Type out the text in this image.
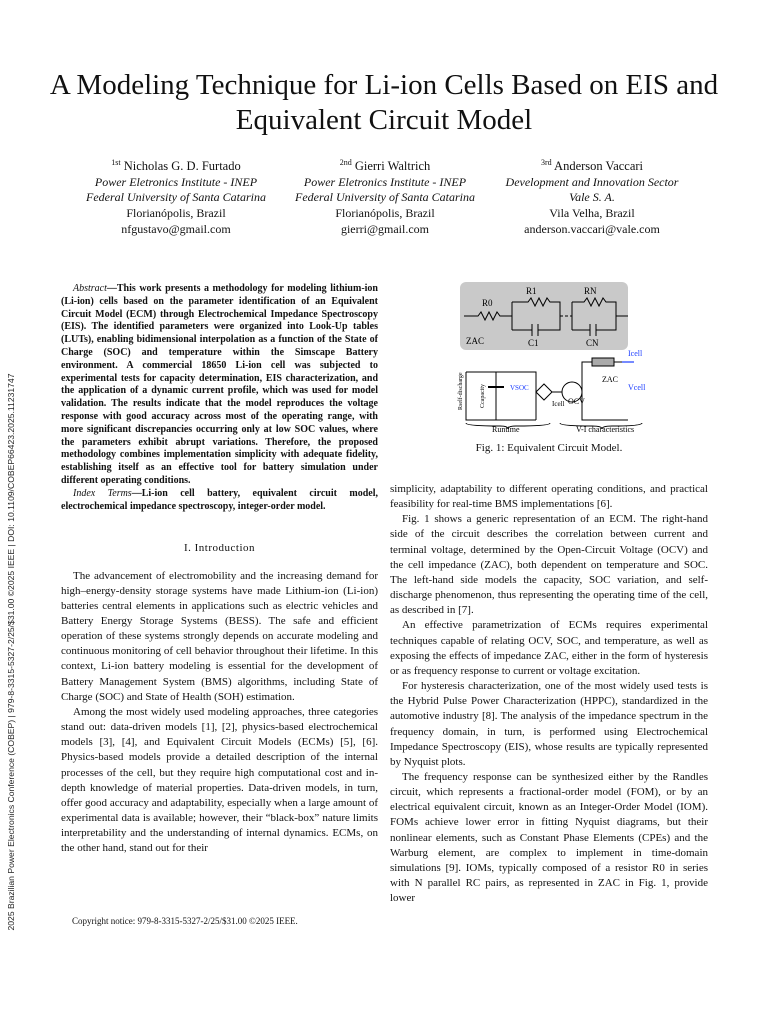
2025 Brazilian Power Electronics Conference (COBEP) | 979-8-3315-5327-2/25/$31.00 ©2025 IEEE | DOI: 10.1109/COBEP66423.2025.11231747
A Modeling Technique for Li-ion Cells Based on EIS and Equivalent Circuit Model
$^{1st}$ Nicholas G. D. Furtado
Power Eletronics Institute - INEP
Federal University of Santa Catarina
Florianópolis, Brazil
nfgustavo@gmail.com
$^{2nd}$ Gierri Waltrich
Power Eletronics Institute - INEP
Federal University of Santa Catarina
Florianópolis, Brazil
gierri@gmail.com
$^{3rd}$ Anderson Vaccari
Development and Innovation Sector
Vale S. A.
Vila Velha, Brazil
anderson.vaccari@vale.com

Abstract—This work presents a methodology for modeling lithium-ion (Li-ion) cells based on the parameter identification of an Equivalent Circuit Model (ECM) through Electrochemical Impedance Spectroscopy (EIS). The identified parameters were organized into Look-Up tables (LUTs), enabling bidimensional interpolation as a function of the State of Charge (SOC) and temperature within the Simscape Battery environment. A commercial 18650 Li-ion cell was subjected to experimental tests for capacity determination, EIS characterization, and the application of a dynamic current profile, which was used for model validation. The results indicate that the model reproduces the voltage response with good accuracy across most of the operating range, with more significant discrepancies occurring only at low SOC values, where the parameters exhibit abrupt variations. Therefore, the proposed methodology combines implementation simplicity with adequate fidelity, establishing itself as an effective tool for battery simulation under different operating conditions.

Index Terms—Li-ion cell battery, equivalent circuit model, electrochemical impedance spectroscopy, integer-order model.

I. Introduction

The advancement of electromobility and the increasing demand for high–energy-density storage systems have made Lithium-ion (Li-ion) batteries central elements in applications such as electric vehicles and Battery Energy Storage Systems (BESS). The safe and efficient operation of these systems strongly depends on accurate modeling and continuous monitoring of cell behavior throughout their lifetime. In this context, Li-ion battery modeling is essential for the development of Battery Management System (BMS) algorithms, including State of Charge (SOC) and State of Health (SOH) estimation.

Among the most widely used modeling approaches, three categories stand out: data-driven models [1], [2], physics-based electrochemical models [3], [4], and Equivalent Circuit Models (ECMs) [5], [6]. Physics-based models provide a detailed description of the internal processes of the cell, but they require high computational cost and in-depth knowledge of material properties. Data-driven models, in turn, offer good accuracy and adaptability, especially when a large amount of experimental data is available; however, their “black-box” nature limits interpretability and the understanding of internal dynamics. ECMs, on the other hand, stand out for their

Copyright notice: 979-8-3315-5327-2/25/$31.00 ©2025 IEEE.
R0
R1	RN
C1	CN
ZAC
Icell
ZAC
Vcell
VSOC
OCV
Rself-discharge	Ccapacity	Icell
Runtime	V-I characteristics
Fig. 1: Equivalent Circuit Model.

simplicity, adaptability to different operating conditions, and practical feasibility for real-time BMS implementations [6].

Fig. 1 shows a generic representation of an ECM. The right-hand side of the circuit describes the correlation between current and terminal voltage, determined by the Open-Circuit Voltage (OCV) and the cell impedance (ZAC), both dependent on temperature and SOC. The left-hand side models the capacity, SOC variation, and self-discharge phenomenon, thus representing the operating time of the cell, as described in [7].

An effective parametrization of ECMs requires experimental techniques capable of relating OCV, SOC, and temperature, as well as exposing the effects of impedance ZAC, either in the form of hysteresis or as frequency response to current or voltage excitation.

For hysteresis characterization, one of the most widely used tests is the Hybrid Pulse Power Characterization (HPPC), standardized in the automotive industry [8]. The analysis of the impedance spectrum in the frequency domain, in turn, is performed using Electrochemical Impedance Spectroscopy (EIS), whose results are typically represented by Nyquist plots.

The frequency response can be synthesized either by the Randles circuit, which represents a fractional-order model (FOM), or by an electrical equivalent circuit, known as an Integer-Order Model (IOM). FOMs achieve lower error in fitting Nyquist diagrams, but their nonlinear elements, such as Constant Phase Elements (CPEs) and the Warburg element, are complex to implement in time-domain simulations [9]. IOMs, typically composed of a resistor R0 in series with N parallel RC pairs, as represented in ZAC in Fig. 1, provide lower
